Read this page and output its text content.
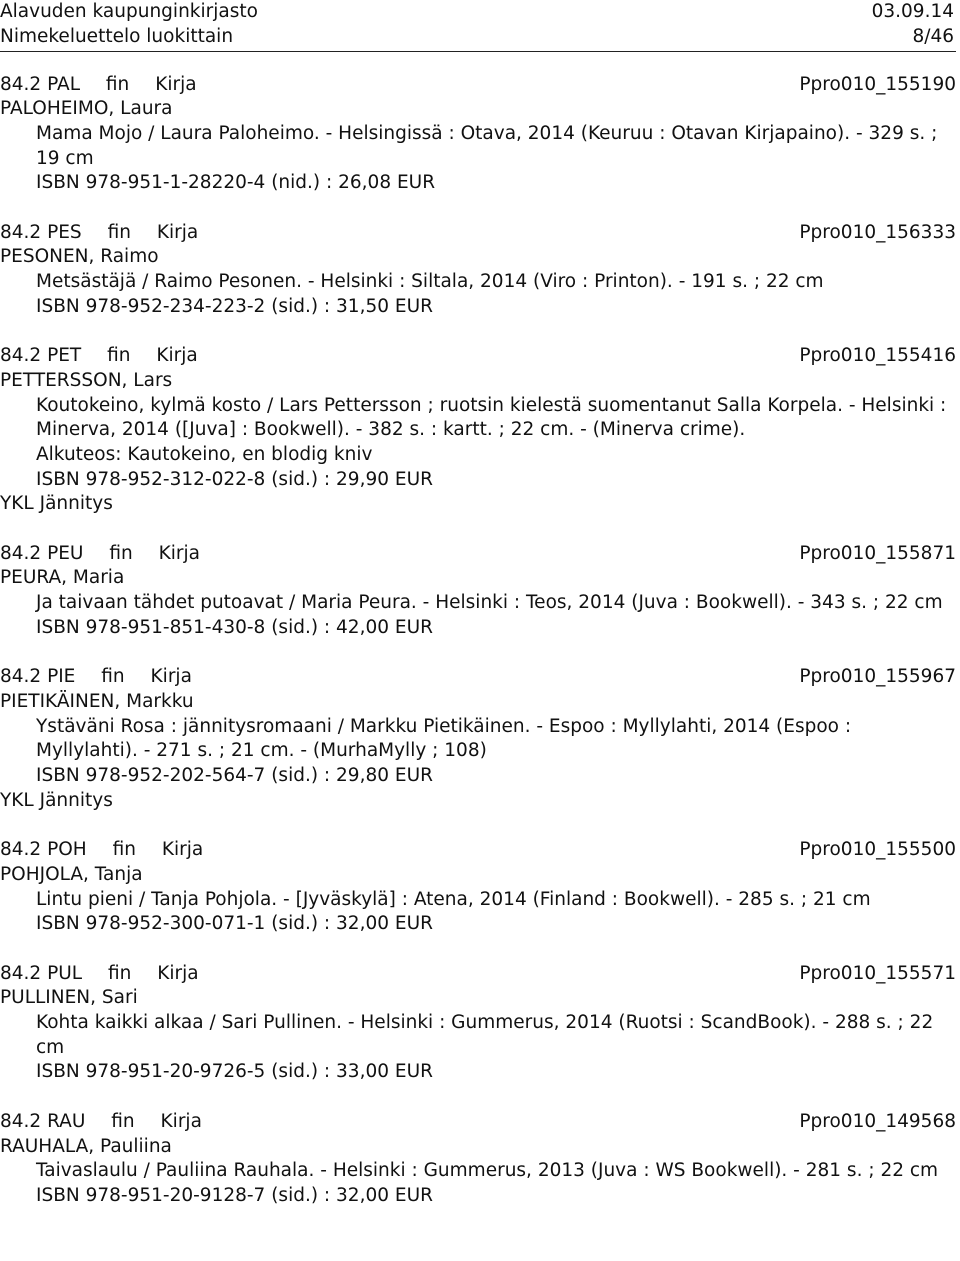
Alavuden kaupunginkirjasto	03.09.14
Nimekeluettelo luokittain	8/46
84.2 PAL fin Kirja	Ppro010_155190
PALOHEIMO, Laura
Mama Mojo / Laura Paloheimo. - Helsingissä : Otava, 2014 (Keuruu : Otavan Kirjapaino). - 329 s. ; 19 cm
ISBN 978-951-1-28220-4 (nid.) : 26,08 EUR
84.2 PES fin Kirja	Ppro010_156333
PESONEN, Raimo
Metsästäjä / Raimo Pesonen. - Helsinki : Siltala, 2014 (Viro : Printon). - 191 s. ; 22 cm
ISBN 978-952-234-223-2 (sid.) : 31,50 EUR
84.2 PET fin Kirja	Ppro010_155416
PETTERSSON, Lars
Koutokeino, kylmä kosto / Lars Pettersson ; ruotsin kielestä suomentanut Salla Korpela. - Helsinki : Minerva, 2014 ([Juva] : Bookwell). - 382 s. : kartt. ; 22 cm. - (Minerva crime).
Alkuteos: Kautokeino, en blodig kniv
ISBN 978-952-312-022-8 (sid.) : 29,90 EUR
YKL Jännitys
84.2 PEU fin Kirja	Ppro010_155871
PEURA, Maria
Ja taivaan tähdet putoavat / Maria Peura. - Helsinki : Teos, 2014 (Juva : Bookwell). - 343 s. ; 22 cm
ISBN 978-951-851-430-8 (sid.) : 42,00 EUR
84.2 PIE fin Kirja	Ppro010_155967
PIETIKÄINEN, Markku
Ystäväni Rosa : jännitysromaani / Markku Pietikäinen. - Espoo : Myllylahti, 2014 (Espoo : Myllylahti). - 271 s. ; 21 cm. - (MurhaMylly ; 108)
ISBN 978-952-202-564-7 (sid.) : 29,80 EUR
YKL Jännitys
84.2 POH fin Kirja	Ppro010_155500
POHJOLA, Tanja
Lintu pieni / Tanja Pohjola. - [Jyväskylä] : Atena, 2014 (Finland : Bookwell). - 285 s. ; 21 cm
ISBN 978-952-300-071-1 (sid.) : 32,00 EUR
84.2 PUL fin Kirja	Ppro010_155571
PULLINEN, Sari
Kohta kaikki alkaa / Sari Pullinen. - Helsinki : Gummerus, 2014 (Ruotsi : ScandBook). - 288 s. ; 22 cm
ISBN 978-951-20-9726-5 (sid.) : 33,00 EUR
84.2 RAU fin Kirja	Ppro010_149568
RAUHALA, Pauliina
Taivaslaulu / Pauliina Rauhala. - Helsinki : Gummerus, 2013 (Juva : WS Bookwell). - 281 s. ; 22 cm
ISBN 978-951-20-9128-7 (sid.) : 32,00 EUR
